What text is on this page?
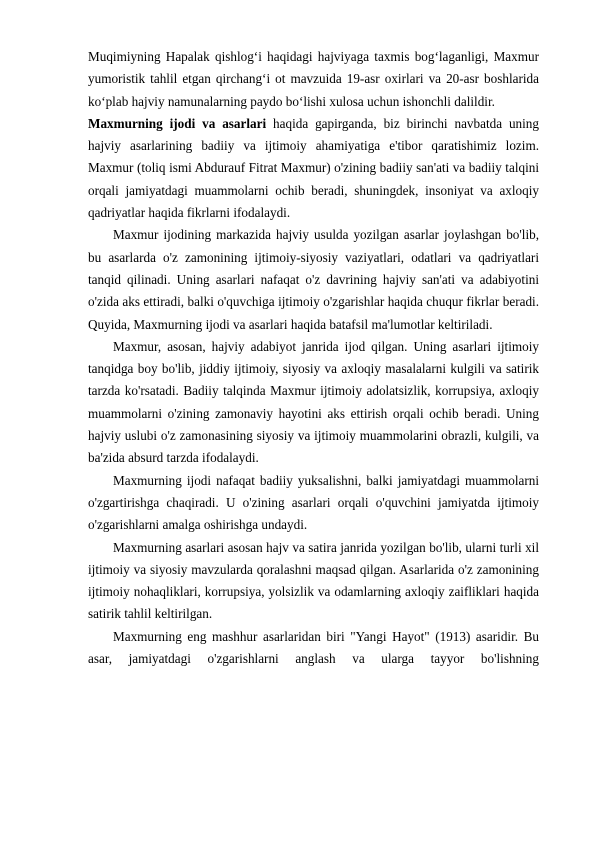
Muqimiyning Hapalak qishlog‘i haqidagi hajviyaga taxmis bog‘laganligi, Maxmur yumoristik tahlil etgan qirchang‘i ot mavzuida 19-asr oxirlari va 20-asr boshlarida ko‘plab hajviy namunalarning paydo bo‘lishi xulosa uchun ishonchli dalildir.

Maxmurning ijodi va asarlari haqida gapirganda, biz birinchi navbatda uning hajviy asarlarining badiiy va ijtimoiy ahamiyatiga e'tibor qaratishimiz lozim. Maxmur (toliq ismi Abdurauf Fitrat Maxmur) o'zining badiiy san'ati va badiiy talqini orqali jamiyatdagi muammolarni ochib beradi, shuningdek, insoniyat va axloqiy qadriyatlar haqida fikrlarni ifodalaydi.

Maxmur ijodining markazida hajviy usulda yozilgan asarlar joylashgan bo'lib, bu asarlarda o'z zamonining ijtimoiy-siyosiy vaziyatlari, odatlari va qadriyatlari tanqid qilinadi. Uning asarlari nafaqat o'z davrining hajviy san'ati va adabiyotini o'zida aks ettiradi, balki o'quvchiga ijtimoiy o'zgarishlar haqida chuqur fikrlar beradi. Quyida, Maxmurning ijodi va asarlari haqida batafsil ma'lumotlar keltiriladi.

Maxmur, asosan, hajviy adabiyot janrida ijod qilgan. Uning asarlari ijtimoiy tanqidga boy bo'lib, jiddiy ijtimoiy, siyosiy va axloqiy masalalarni kulgili va satirik tarzda ko'rsatadi. Badiiy talqinda Maxmur ijtimoiy adolatsizlik, korrupsiya, axloqiy muammolarni o'zining zamonaviy hayotini aks ettirish orqali ochib beradi. Uning hajviy uslubi o'z zamonasining siyosiy va ijtimoiy muammolarini obrazli, kulgili, va ba'zida absurd tarzda ifodalaydi.

Maxmurning ijodi nafaqat badiiy yuksalishni, balki jamiyatdagi muammolarni o'zgartirishga chaqiradi. U o'zining asarlari orqali o'quvchini jamiyatda ijtimoiy o'zgarishlarni amalga oshirishga undaydi.

Maxmurning asarlari asosan hajv va satira janrida yozilgan bo'lib, ularni turli xil ijtimoiy va siyosiy mavzularda qoralashni maqsad qilgan. Asarlarida o'z zamonining ijtimoiy nohaqliklari, korrupsiya, yolsizlik va odamlarning axloqiy zaifliklari haqida satirik tahlil keltirilgan.

Maxmurning eng mashhur asarlaridan biri "Yangi Hayot" (1913) asaridir. Bu asar, jamiyatdagi o'zgarishlarni anglash va ularga tayyor bo'lishning
